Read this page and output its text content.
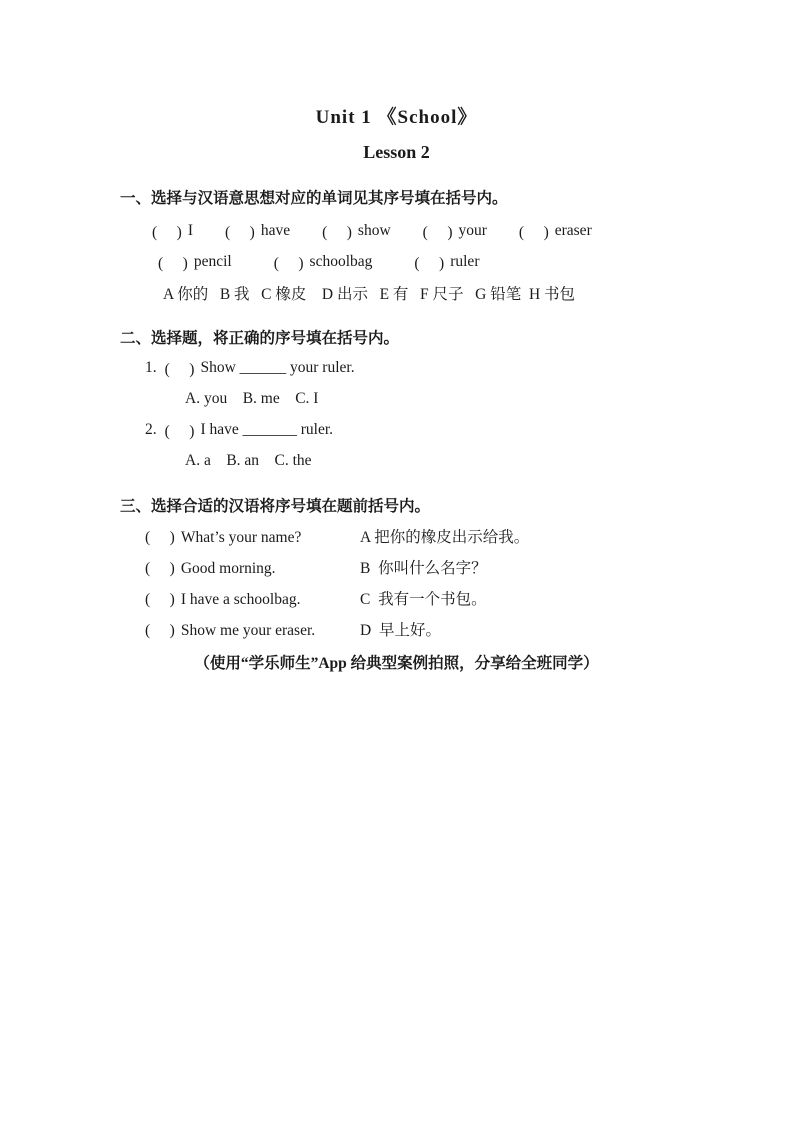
Unit 1 《School》
Lesson 2
一、选择与汉语意思想对应的单词见其序号填在括号内。
(　) I (　) have (　) show (　) your (　) eraser
(　) pencil	(　) schoolbag	(　) ruler
A 你的   B 我   C 橡皮    D 出示   E 有   F 尺子   G 铅笔  H 书包
二、选择题，将正确的序号填在括号内。
1. (　) Show ______ your ruler.
A. you    B. me    C. I
2. (　) I have _______ ruler.
A. a    B. an    C. the
三、选择合适的汉语将序号填在题前括号内。
(　) What’s your name?	A 把你的橡皮出示给我。
(　) Good morning.	B  你叫什么名字？
(　) I have a schoolbag.	C  我有一个书包。
(　) Show me your eraser.	D  早上好。
（使用“学乐师生”App 给典型案例拍照，分享给全班同学）
